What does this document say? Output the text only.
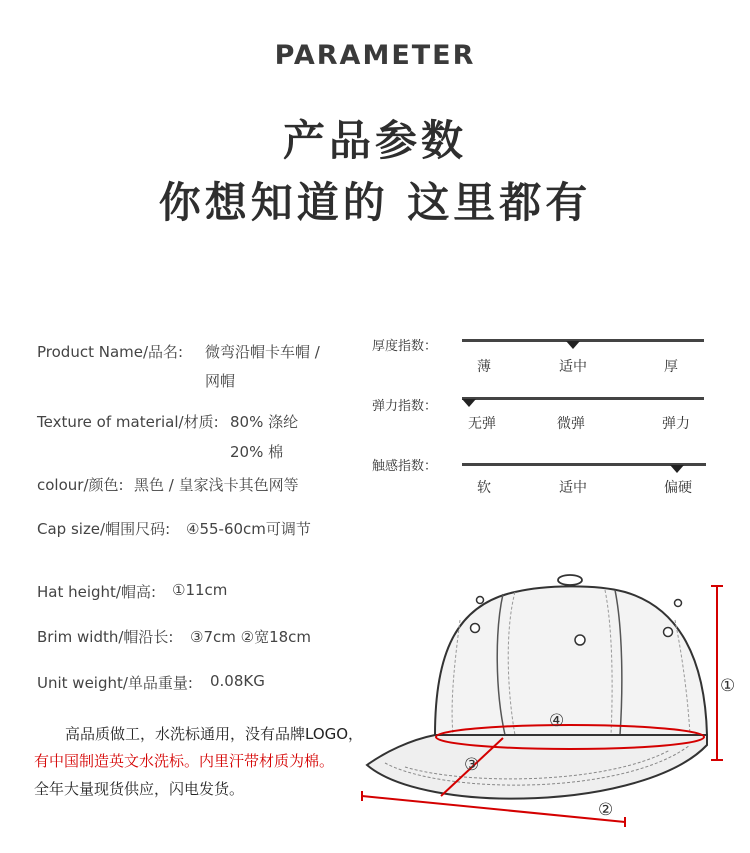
PARAMETER
产品参数
你想知道的 这里都有
Product Name/品名: 微弯沿帽卡车帽 /
网帽
Texture of material/材质: 80% 涤纶
20% 棉
colour/颜色: 黑色 / 皇家浅卡其色网等
Cap size/帽围尺码: ④55-60cm可调节
Hat height/帽高: ①11cm
Brim width/帽沿长: ③7cm ②宽18cm
Unit weight/单品重量: 0.08KG
高品质做工，水洗标通用，没有品牌LOGO，
有中国制造英文水洗标。内里汗带材质为棉。
全年大量现货供应，闪电发货。
厚度指数：
薄	适中	厚
弹力指数：
无弹	微弹	弹力
触感指数：
软	适中	偏硬
①
②
③
④
